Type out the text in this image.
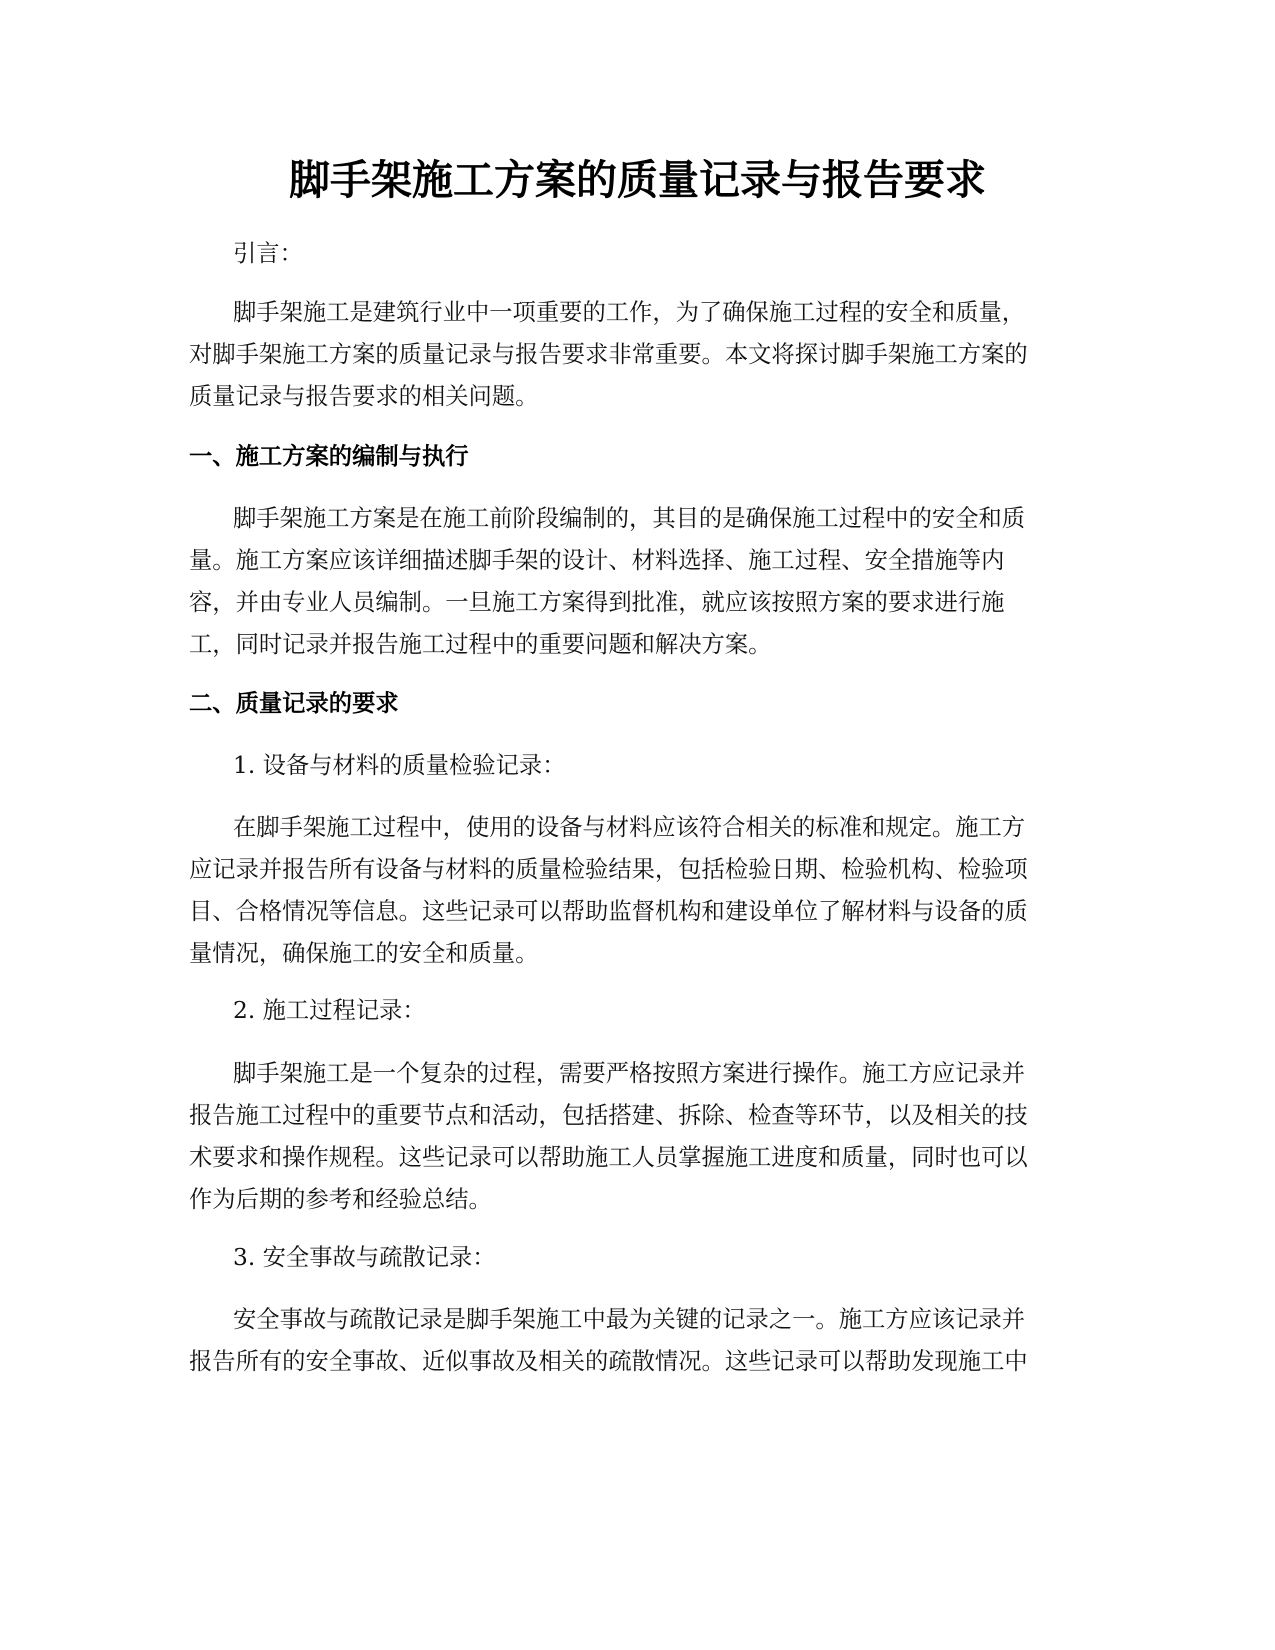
脚手架施工方案的质量记录与报告要求

引言：

脚手架施工是建筑行业中一项重要的工作，为了确保施工过程的安全和质量，
对脚手架施工方案的质量记录与报告要求非常重要。本文将探讨脚手架施工方案的
质量记录与报告要求的相关问题。
一、施工方案的编制与执行
脚手架施工方案是在施工前阶段编制的，其目的是确保施工过程中的安全和质
量。施工方案应该详细描述脚手架的设计、材料选择、施工过程、安全措施等内
容，并由专业人员编制。一旦施工方案得到批准，就应该按照方案的要求进行施
工，同时记录并报告施工过程中的重要问题和解决方案。
二、质量记录的要求
1. 设备与材料的质量检验记录：
在脚手架施工过程中，使用的设备与材料应该符合相关的标准和规定。施工方
应记录并报告所有设备与材料的质量检验结果，包括检验日期、检验机构、检验项
目、合格情况等信息。这些记录可以帮助监督机构和建设单位了解材料与设备的质
量情况，确保施工的安全和质量。
2. 施工过程记录：
脚手架施工是一个复杂的过程，需要严格按照方案进行操作。施工方应记录并
报告施工过程中的重要节点和活动，包括搭建、拆除、检查等环节，以及相关的技
术要求和操作规程。这些记录可以帮助施工人员掌握施工进度和质量，同时也可以
作为后期的参考和经验总结。
3. 安全事故与疏散记录：
安全事故与疏散记录是脚手架施工中最为关键的记录之一。施工方应该记录并
报告所有的安全事故、近似事故及相关的疏散情况。这些记录可以帮助发现施工中
